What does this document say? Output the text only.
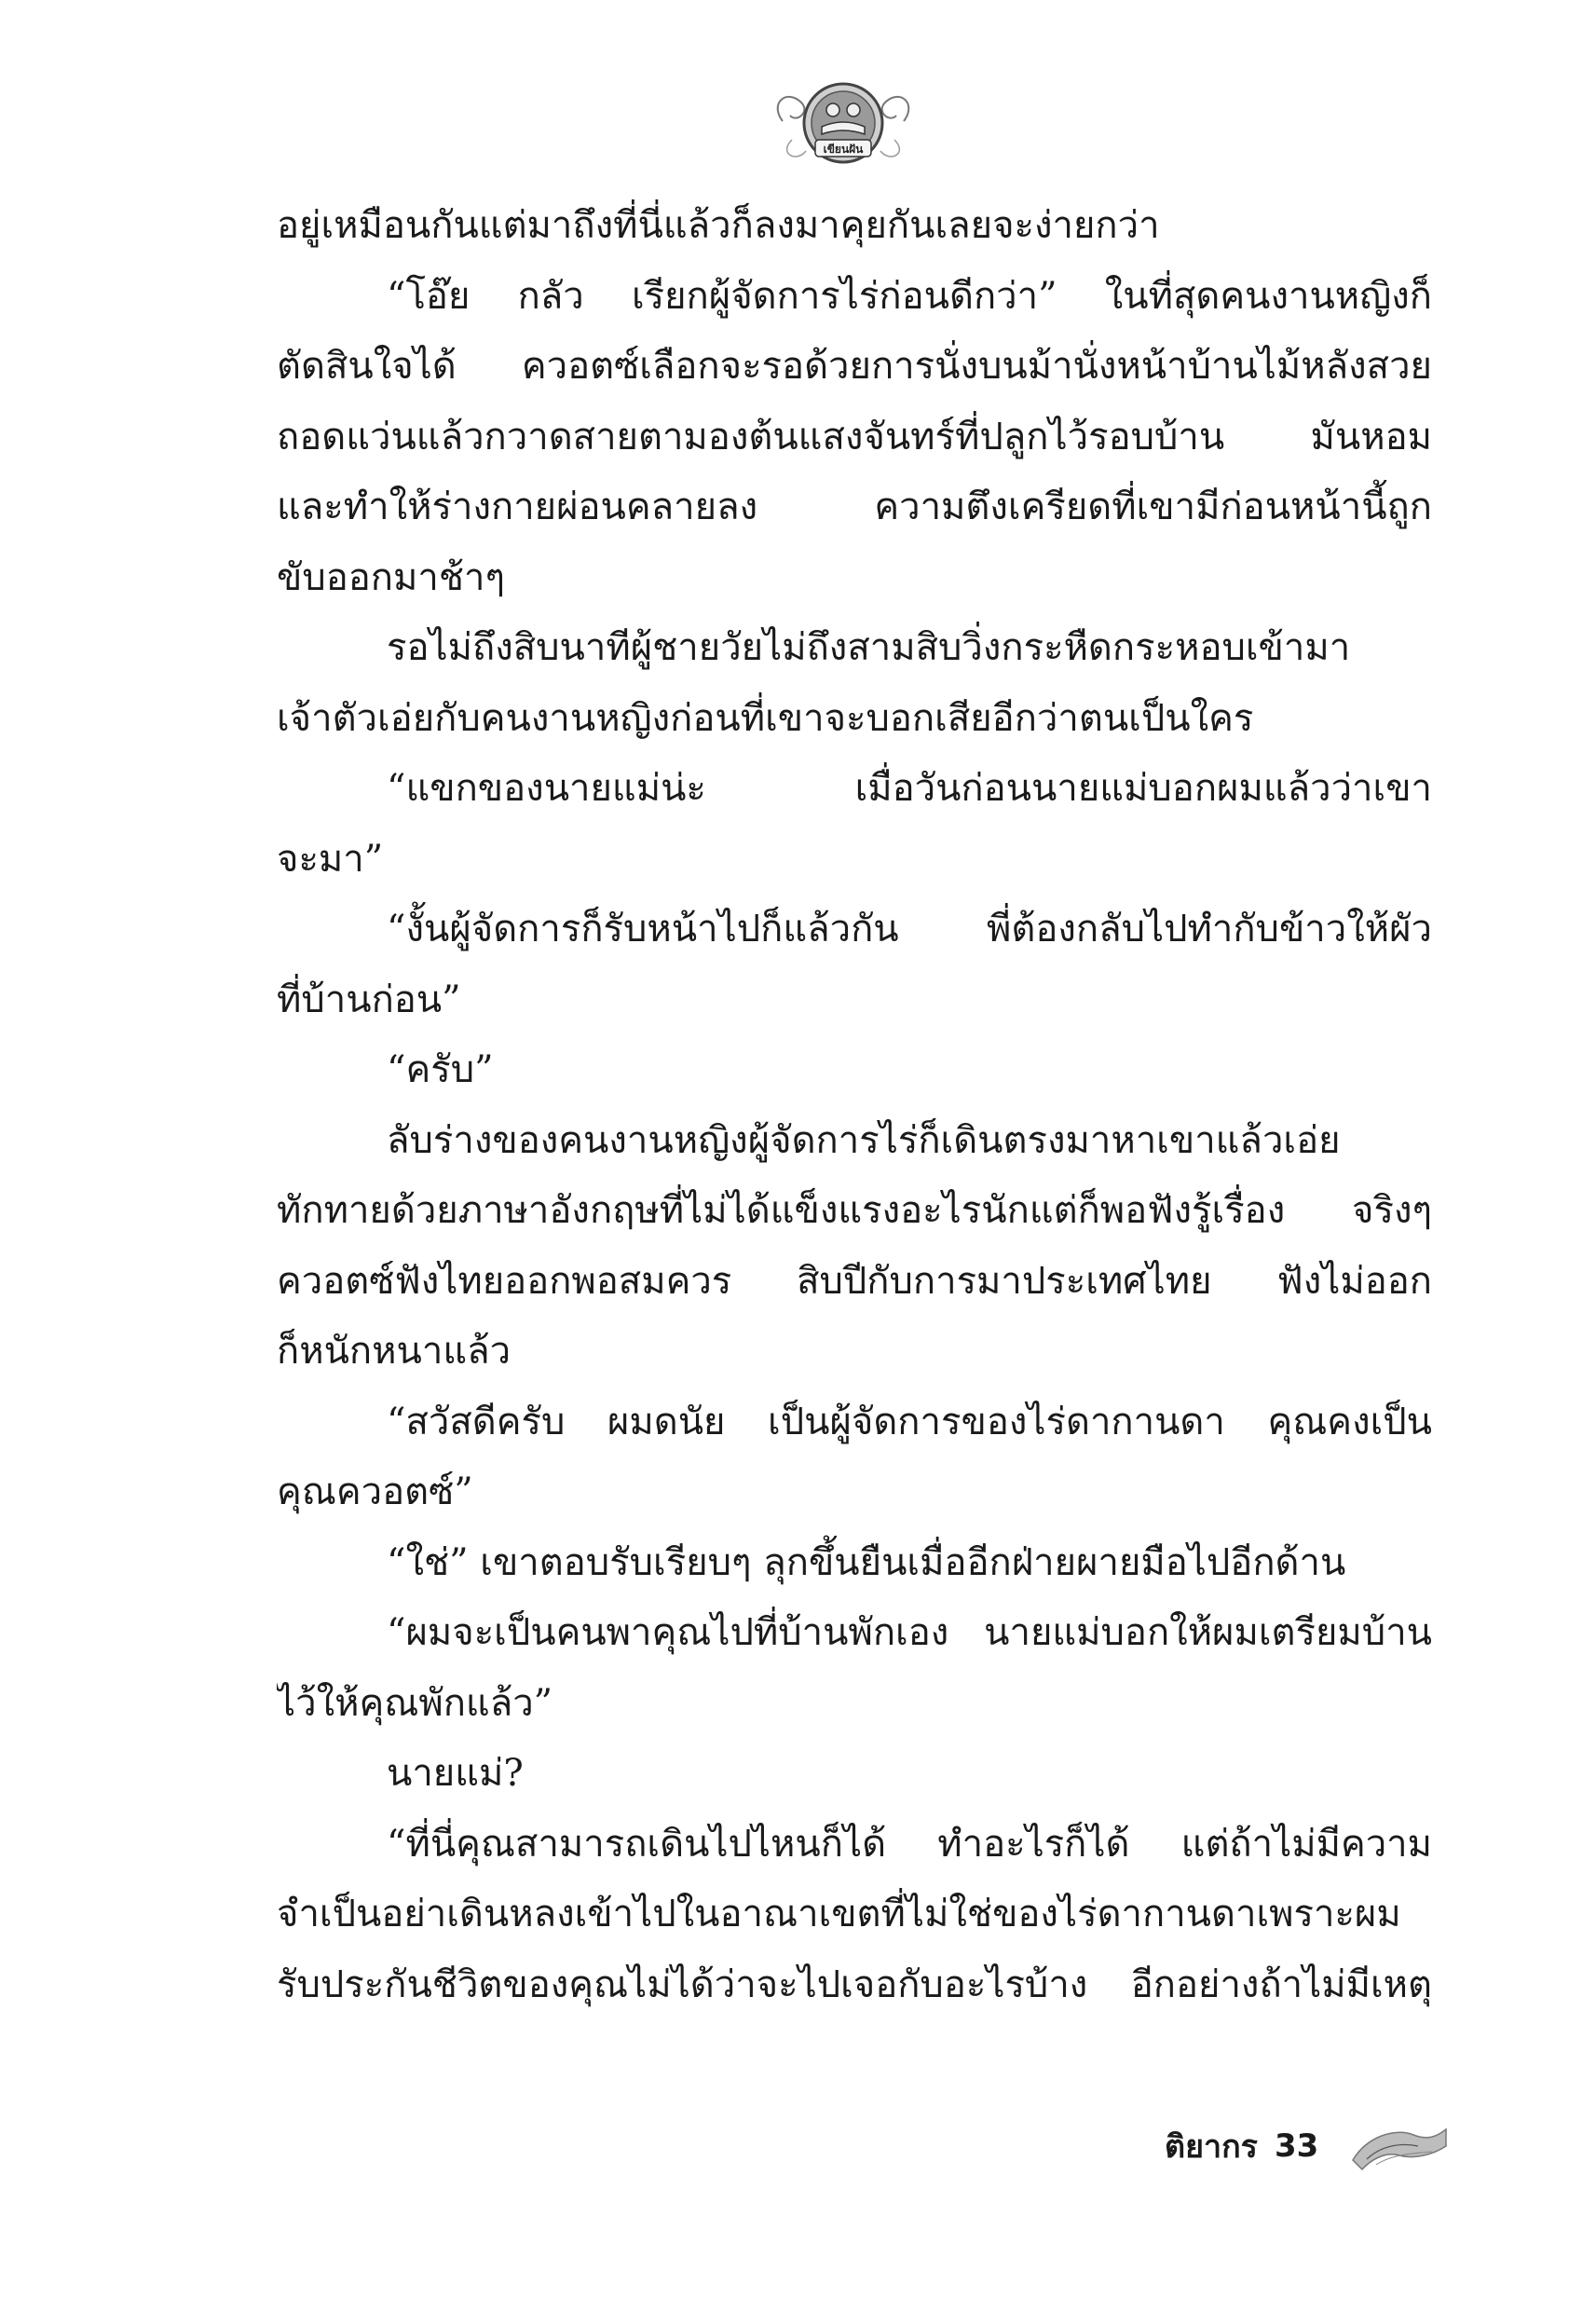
เขียนฝัน
อยู่เหมือนกันแต่มาถึงที่นี่แล้วก็ลงมาคุยกันเลยจะง่ายกว่า
“โอ๊ย กลัว เรียกผู้จัดการไร่ก่อนดีกว่า” ในที่สุดคนงานหญิงก็
ตัดสินใจได้ ควอตซ์เลือกจะรอด้วยการนั่งบนม้านั่งหน้าบ้านไม้หลังสวย
ถอดแว่นแล้วกวาดสายตามองต้นแสงจันทร์ที่ปลูกไว้รอบบ้าน มันหอม
และทำให้ร่างกายผ่อนคลายลง ความตึงเครียดที่เขามีก่อนหน้านี้ถูก
ขับออกมาช้าๆ
รอไม่ถึงสิบนาทีผู้ชายวัยไม่ถึงสามสิบวิ่งกระหืดกระหอบเข้ามา
เจ้าตัวเอ่ยกับคนงานหญิงก่อนที่เขาจะบอกเสียอีกว่าตนเป็นใคร
“แขกของนายแม่น่ะ เมื่อวันก่อนนายแม่บอกผมแล้วว่าเขา
จะมา”
“งั้นผู้จัดการก็รับหน้าไปก็แล้วกัน พี่ต้องกลับไปทำกับข้าวให้ผัว
ที่บ้านก่อน”
“ครับ”
ลับร่างของคนงานหญิงผู้จัดการไร่ก็เดินตรงมาหาเขาแล้วเอ่ย
ทักทายด้วยภาษาอังกฤษที่ไม่ได้แข็งแรงอะไรนักแต่ก็พอฟังรู้เรื่อง จริงๆ
ควอตซ์ฟังไทยออกพอสมควร สิบปีกับการมาประเทศไทย ฟังไม่ออก
ก็หนักหนาแล้ว
“สวัสดีครับ ผมดนัย เป็นผู้จัดการของไร่ดากานดา คุณคงเป็น
คุณควอตซ์”
“ใช่” เขาตอบรับเรียบๆ ลุกขึ้นยืนเมื่ออีกฝ่ายผายมือไปอีกด้าน
“ผมจะเป็นคนพาคุณไปที่บ้านพักเอง นายแม่บอกให้ผมเตรียมบ้าน
ไว้ให้คุณพักแล้ว”
นายแม่?
“ที่นี่คุณสามารถเดินไปไหนก็ได้ ทำอะไรก็ได้ แต่ถ้าไม่มีความ
จำเป็นอย่าเดินหลงเข้าไปในอาณาเขตที่ไม่ใช่ของไร่ดากานดาเพราะผม
รับประกันชีวิตของคุณไม่ได้ว่าจะไปเจอกับอะไรบ้าง อีกอย่างถ้าไม่มีเหตุ
ติยากร 33
